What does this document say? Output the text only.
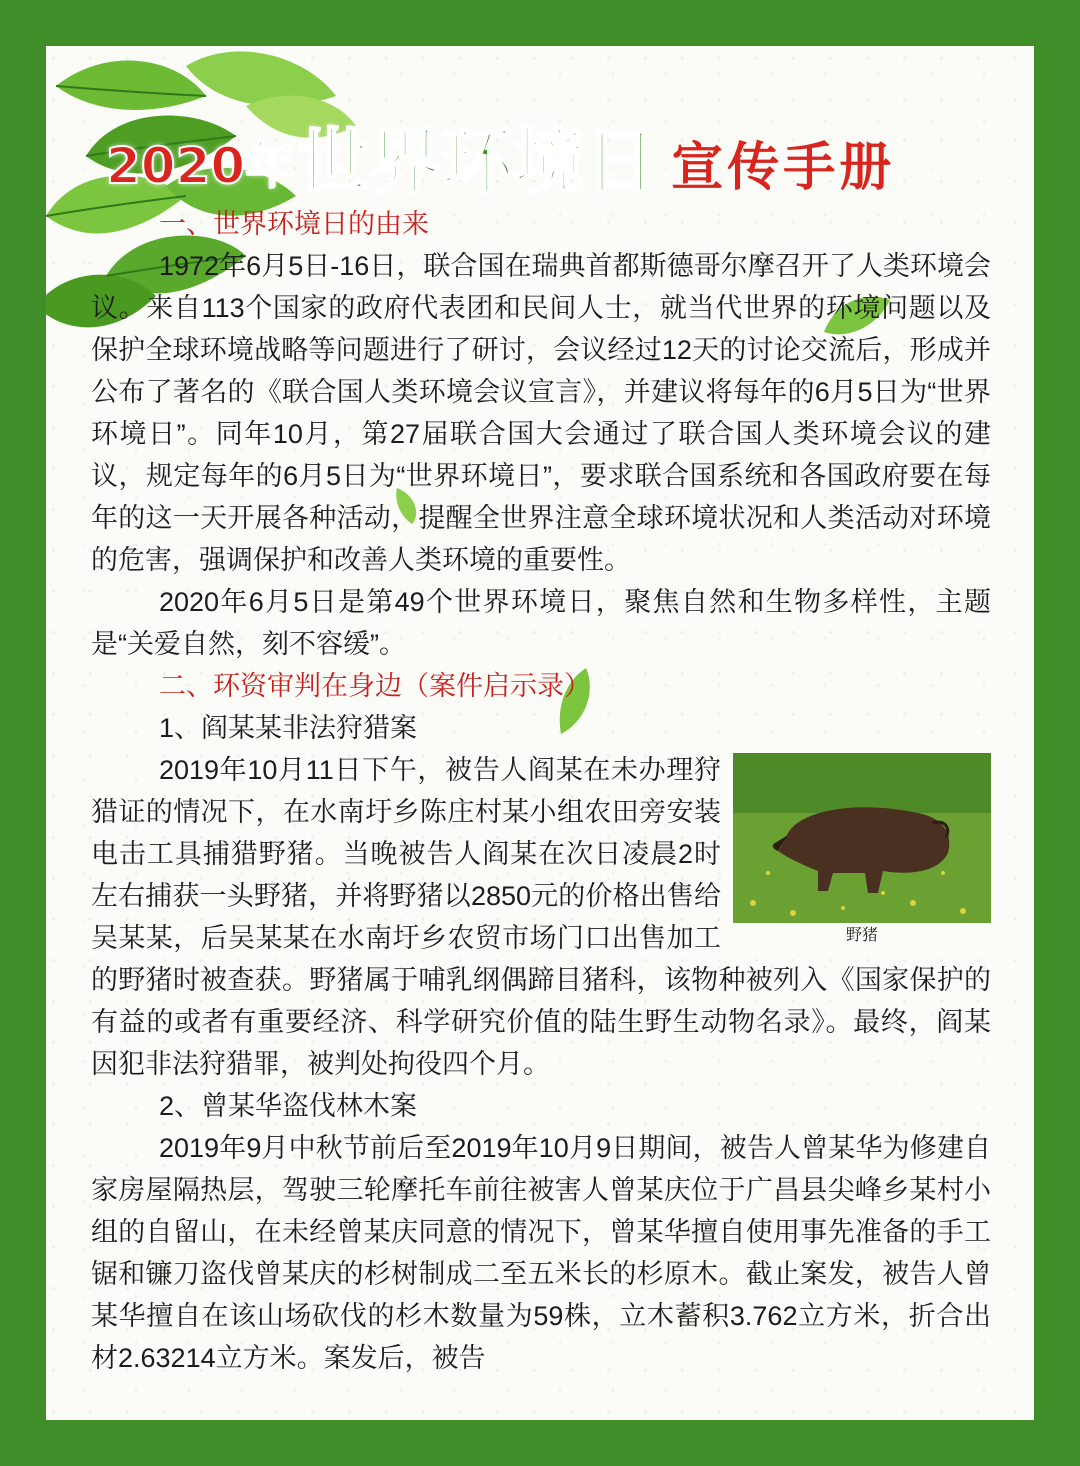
2020年 世界环境日 宣传手册

一、世界环境日的由来

1972年6月5日-16日，联合国在瑞典首都斯德哥尔摩召开了人类环境会议。来自113个国家的政府代表团和民间人士，就当代世界的环境问题以及保护全球环境战略等问题进行了研讨，会议经过12天的讨论交流后，形成并公布了著名的《联合国人类环境会议宣言》，并建议将每年的6月5日为“世界环境日”。同年10月，第27届联合国大会通过了联合国人类环境会议的建议，规定每年的6月5日为“世界环境日”，要求联合国系统和各国政府要在每年的这一天开展各种活动，提醒全世界注意全球环境状况和人类活动对环境的危害，强调保护和改善人类环境的重要性。

2020年6月5日是第49个世界环境日，聚焦自然和生物多样性，主题是“关爱自然，刻不容缓”。

二、环资审判在身边（案件启示录）

1、阎某某非法狩猎案

野猪

2019年10月11日下午，被告人阎某在未办理狩猎证的情况下，在水南圩乡陈庄村某小组农田旁安装电击工具捕猎野猪。当晚被告人阎某在次日凌晨2时左右捕获一头野猪，并将野猪以2850元的价格出售给吴某某，后吴某某在水南圩乡农贸市场门口出售加工的野猪时被查获。野猪属于哺乳纲偶蹄目猪科，该物种被列入《国家保护的有益的或者有重要经济、科学研究价值的陆生野生动物名录》。最终，阎某因犯非法狩猎罪，被判处拘役四个月。

2、曾某华盗伐林木案

2019年9月中秋节前后至2019年10月9日期间，被告人曾某华为修建自家房屋隔热层，驾驶三轮摩托车前往被害人曾某庆位于广昌县尖峰乡某村小组的自留山，在未经曾某庆同意的情况下，曾某华擅自使用事先准备的手工锯和镰刀盗伐曾某庆的杉树制成二至五米长的杉原木。截止案发，被告人曾某华擅自在该山场砍伐的杉木数量为59株，立木蓄积3.762立方米，折合出材2.63214立方米。案发后，被告
